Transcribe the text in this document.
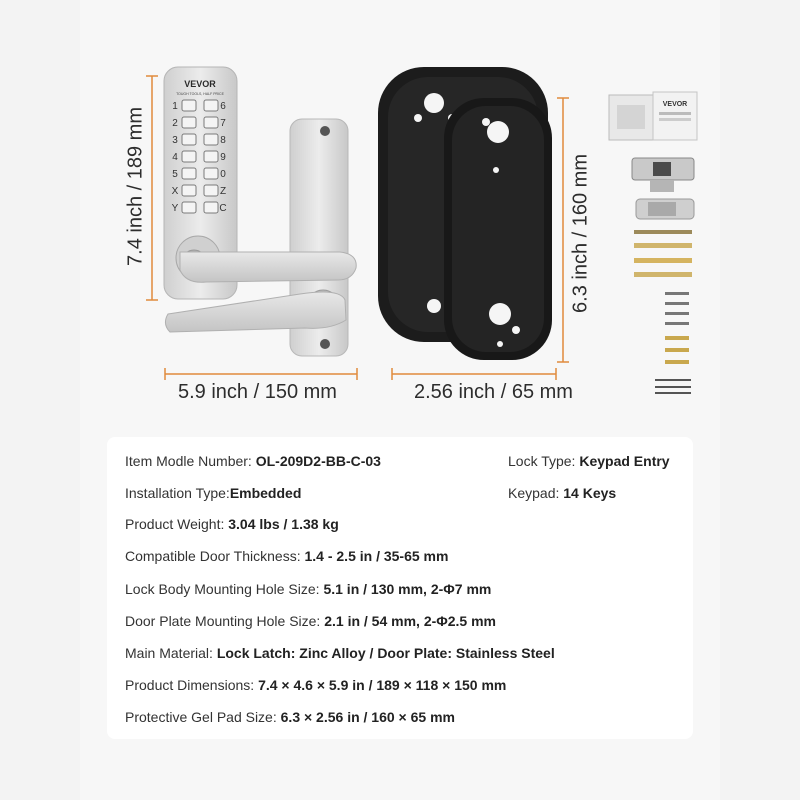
VEVOR
TOUGH TOOLS, HALF PRICE
1
2
3
4
5
X
Y
6
7
8
9
0
Z
C
VEVOR
7.4 inch / 189 mm
5.9 inch / 150 mm
6.3 inch / 160 mm
2.56 inch / 65 mm
Item Modle Number: OL-209D2-BB-C-03	Lock Type: Keypad Entry
Installation Type:Embedded	Keypad: 14 Keys
Product Weight: 3.04 lbs / 1.38 kg
Compatible Door Thickness: 1.4 - 2.5 in / 35-65 mm
Lock Body Mounting Hole Size: 5.1 in / 130 mm, 2-Φ7 mm
Door Plate Mounting Hole Size: 2.1 in / 54 mm, 2-Φ2.5 mm
Main Material: Lock Latch: Zinc Alloy / Door Plate: Stainless Steel
Product Dimensions: 7.4 × 4.6 × 5.9 in / 189 × 118 × 150 mm
Protective Gel Pad Size: 6.3 × 2.56 in / 160 × 65 mm
